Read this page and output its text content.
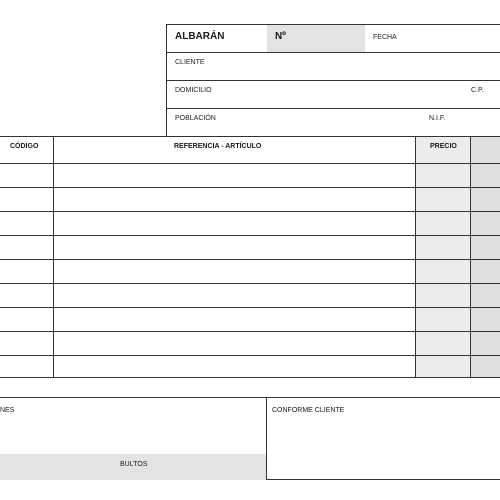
ALBARÁN	Nº	FECHA
CLIENTE
DOMICILIO	C.P.
POBLACIÓN	N.I.F.
CÓDIGO	REFERENCIA - ARTÍCULO	PRECIO
NES	CONFORME CLIENTE
BULTOS
